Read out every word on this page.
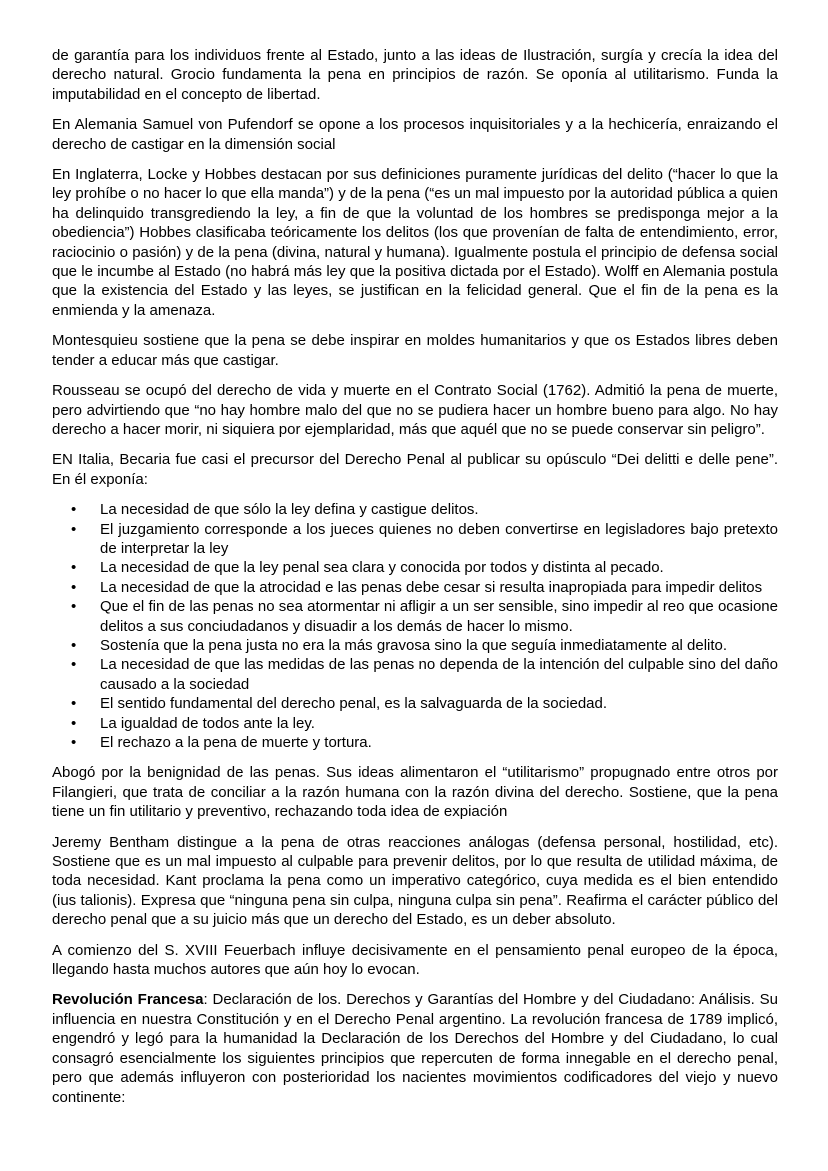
de garantía para los individuos frente al Estado, junto a las ideas de Ilustración, surgía y crecía la idea del derecho natural. Grocio fundamenta la pena en principios de razón. Se oponía al utilitarismo. Funda la imputabilidad en el concepto de libertad.

En Alemania Samuel von Pufendorf se opone a los procesos inquisitoriales y a la hechicería, enraizando el derecho de castigar en la dimensión social

En Inglaterra, Locke y Hobbes destacan por sus definiciones puramente jurídicas del delito (“hacer lo que la ley prohíbe o no hacer lo que ella manda”) y de la pena (“es un mal impuesto por la autoridad pública a quien ha delinquido transgrediendo la ley, a fin de que la voluntad de los hombres se predisponga mejor a la obediencia”) Hobbes clasificaba teóricamente los delitos (los que provenían de falta de entendimiento, error, raciocinio o pasión) y de la pena (divina, natural y humana). Igualmente postula el principio de defensa social que le incumbe al Estado (no habrá más ley que la positiva dictada por el Estado). Wolff en Alemania postula que la existencia del Estado y las leyes, se justifican en la felicidad general. Que el fin de la pena es la enmienda y la amenaza.

Montesquieu sostiene que la pena se debe inspirar en moldes humanitarios y que os Estados libres deben tender a educar más que castigar.

Rousseau se ocupó del derecho de vida y muerte en el Contrato Social (1762). Admitió la pena de muerte, pero advirtiendo que “no hay hombre malo del que no se pudiera hacer un hombre bueno para algo. No hay derecho a hacer morir, ni siquiera por ejemplaridad, más que aquél que no se puede conservar sin peligro”.

EN Italia, Becaria fue casi el precursor del Derecho Penal al publicar su opúsculo “Dei delitti e delle pene”. En él exponía:

• La necesidad de que sólo la ley defina y castigue delitos.
• El juzgamiento corresponde a los jueces quienes no deben convertirse en legisladores bajo pretexto de interpretar la ley
• La necesidad de que la ley penal sea clara y conocida por todos y distinta al pecado.
• La necesidad de que la atrocidad e las penas debe cesar si resulta inapropiada para impedir delitos
• Que el fin de las penas no sea atormentar ni afligir a un ser sensible, sino impedir al reo que ocasione delitos a sus conciudadanos y disuadir a los demás de hacer lo mismo.
• Sostenía que la pena justa no era la más gravosa sino la que seguía inmediatamente al delito.
• La necesidad de que las medidas de las penas no dependa de la intención del culpable sino del daño causado a la sociedad
• El sentido fundamental del derecho penal, es la salvaguarda de la sociedad.
• La igualdad de todos ante la ley.
• El rechazo a la pena de muerte y tortura.

Abogó por la benignidad de las penas. Sus ideas alimentaron el “utilitarismo” propugnado entre otros por Filangieri, que trata de conciliar a la razón humana con la razón divina del derecho. Sostiene, que la pena tiene un fin utilitario y preventivo, rechazando toda idea de expiación

Jeremy Bentham distingue a la pena de otras reacciones análogas (defensa personal, hostilidad, etc). Sostiene que es un mal impuesto al culpable para prevenir delitos, por lo que resulta de utilidad máxima, de toda necesidad. Kant proclama la pena como un imperativo categórico, cuya medida es el bien entendido (ius talionis). Expresa que “ninguna pena sin culpa, ninguna culpa sin pena”. Reafirma el carácter público del derecho penal que a su juicio más que un derecho del Estado, es un deber absoluto.

A comienzo del S. XVIII Feuerbach influye decisivamente en el pensamiento penal europeo de la época, llegando hasta muchos autores que aún hoy lo evocan.

Revolución Francesa: Declaración de los. Derechos y Garantías del Hombre y del Ciudadano: Análisis. Su influencia en nuestra Constitución y en el Derecho Penal argentino. La revolución francesa de 1789 implicó, engendró y legó para la humanidad la Declaración de los Derechos del Hombre y del Ciudadano, lo cual consagró esencialmente los siguientes principios que repercuten de forma innegable en el derecho penal, pero que además influyeron con posterioridad los nacientes movimientos codificadores del viejo y nuevo continente:
